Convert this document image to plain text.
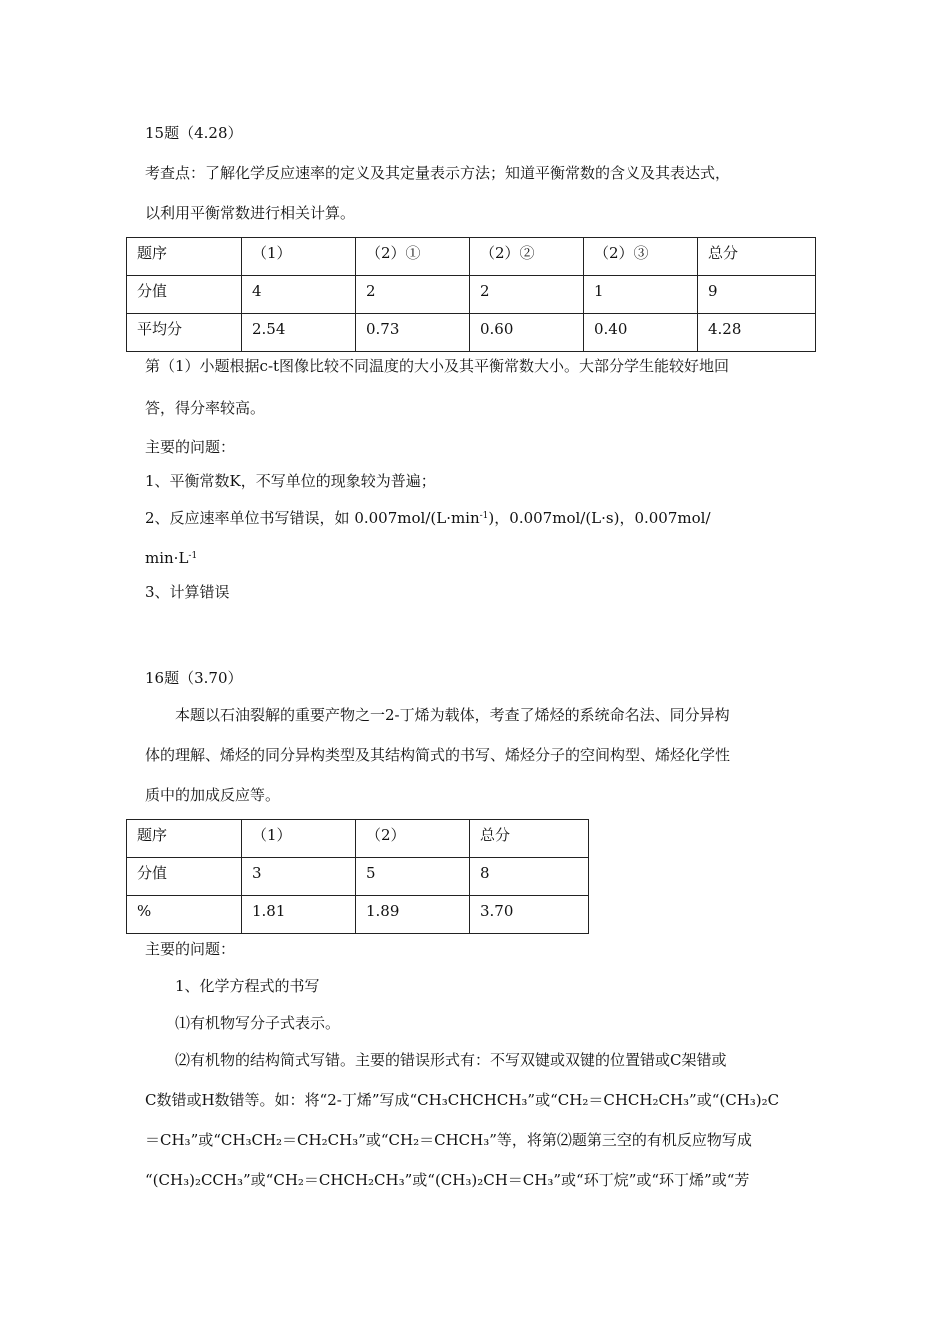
15题（4.28）
考查点：了解化学反应速率的定义及其定量表示方法；知道平衡常数的含义及其表达式，
以利用平衡常数进行相关计算。
题序	（1）	（2）①	（2）②	（2）③	总分
分值	4	2	2	1	9
平均分	2.54	0.73	0.60	0.40	4.28
第（1）小题根据c-t图像比较不同温度的大小及其平衡常数大小。大部分学生能较好地回
答，得分率较高。
主要的问题：
1、平衡常数K，不写单位的现象较为普遍；
2、反应速率单位书写错误，如 $0.007mol/(L\cdot\min^{-1})$，0.007mol/(L·s)，0.007mol/
$\min\cdot L^{-1}$
3、计算错误
16题（3.70）
本题以石油裂解的重要产物之一2-丁烯为载体，考查了烯烃的系统命名法、同分异构
体的理解、烯烃的同分异构类型及其结构简式的书写、烯烃分子的空间构型、烯烃化学性
质中的加成反应等。
题序	（1）	（2）	总分
分值	3	5	8
%	1.81	1.89	3.70
主要的问题：
1、化学方程式的书写
⑴有机物写分子式表示。
⑵有机物的结构简式写错。主要的错误形式有：不写双键或双键的位置错或C架错或
C数错或H数错等。如：将“2-丁烯”写成“CH₃CHCHCH₃”或“CH₂＝CHCH₂CH₃”或“(CH₃)₂C
＝CH₃”或“CH₃CH₂＝CH₂CH₃”或“CH₂＝CHCH₃”等，将第⑵题第三空的有机反应物写成
“(CH₃)₂CCH₃”或“CH₂＝CHCH₂CH₃”或“(CH₃)₂CH＝CH₃”或“环丁烷”或“环丁烯”或“芳
